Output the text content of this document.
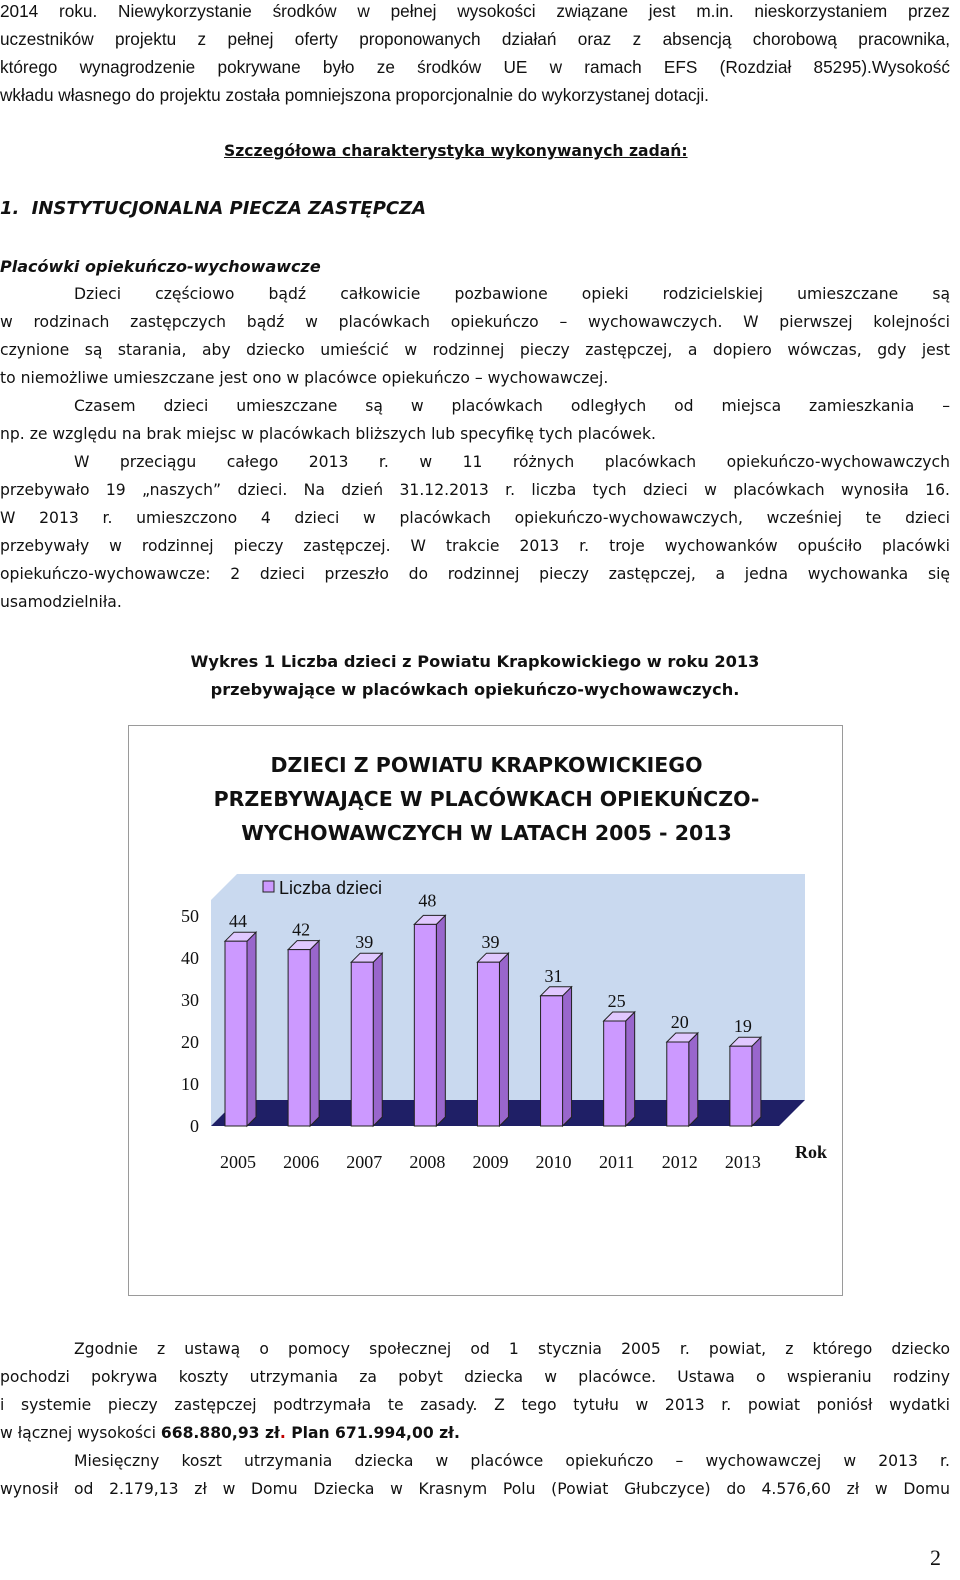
2014 roku. Niewykorzystanie środków w pełnej wysokości związane jest m.in. nieskorzystaniem przez
uczestników projektu z pełnej oferty proponowanych działań oraz z absencją chorobową pracownika,
którego wynagrodzenie pokrywane było ze środków UE w ramach EFS (Rozdział 85295).Wysokość
wkładu własnego do projektu została pomniejszona proporcjonalnie do wykorzystanej dotacji.
Szczegółowa charakterystyka wykonywanych zadań:
1. INSTYTUCJONALNA PIECZA ZASTĘPCZA
Placówki opiekuńczo-wychowawcze
Dzieci częściowo bądź całkowicie pozbawione opieki rodzicielskiej umieszczane są
w rodzinach zastępczych bądź w placówkach opiekuńczo – wychowawczych. W pierwszej kolejności
czynione są starania, aby dziecko umieścić w rodzinnej pieczy zastępczej, a dopiero wówczas, gdy jest
to niemożliwe umieszczane jest ono w placówce opiekuńczo – wychowawczej.
Czasem dzieci umieszczane są w placówkach odległych od miejsca zamieszkania –
np. ze względu na brak miejsc w placówkach bliższych lub specyfikę tych placówek.
W przeciągu całego 2013 r. w 11 różnych placówkach opiekuńczo-wychowawczych
przebywało 19 „naszych” dzieci. Na dzień 31.12.2013 r. liczba tych dzieci w placówkach wynosiła 16.
W 2013 r. umieszczono 4 dzieci w placówkach opiekuńczo-wychowawczych, wcześniej te dzieci
przebywały w rodzinnej pieczy zastępczej. W trakcie 2013 r. troje wychowanków opuściło placówki
opiekuńczo-wychowawcze: 2 dzieci przeszło do rodzinnej pieczy zastępczej, a jedna wychowanka się
usamodzielniła.
Wykres 1 Liczba dzieci z Powiatu Krapkowickiego w roku 2013
przebywające w placówkach opiekuńczo-wychowawczych.
DZIECI Z POWIATU KRAPKOWICKIEGO
PRZEBYWAJĄCE W PLACÓWKACH OPIEKUŃCZO-
WYCHOWAWCZYCH W LATACH 2005 - 2013
0
10
20
30
40
50 44
2005
42
2006
39
2007
48
2008
39
2009
31
2010
25
2011
20
2012
19
2013 Rok
Liczba dzieci
Zgodnie z ustawą o pomocy społecznej od 1 stycznia 2005 r. powiat, z którego dziecko
pochodzi pokrywa koszty utrzymania za pobyt dziecka w placówce. Ustawa o wspieraniu rodziny
i systemie pieczy zastępczej podtrzymała te zasady. Z tego tytułu w 2013 r. powiat poniósł wydatki
w łącznej wysokości 668.880,93 zł. Plan 671.994,00 zł.
Miesięczny koszt utrzymania dziecka w placówce opiekuńczo – wychowawczej w 2013 r.
wynosił od 2.179,13 zł w Domu Dziecka w Krasnym Polu (Powiat Głubczyce) do 4.576,60 zł w Domu
2
